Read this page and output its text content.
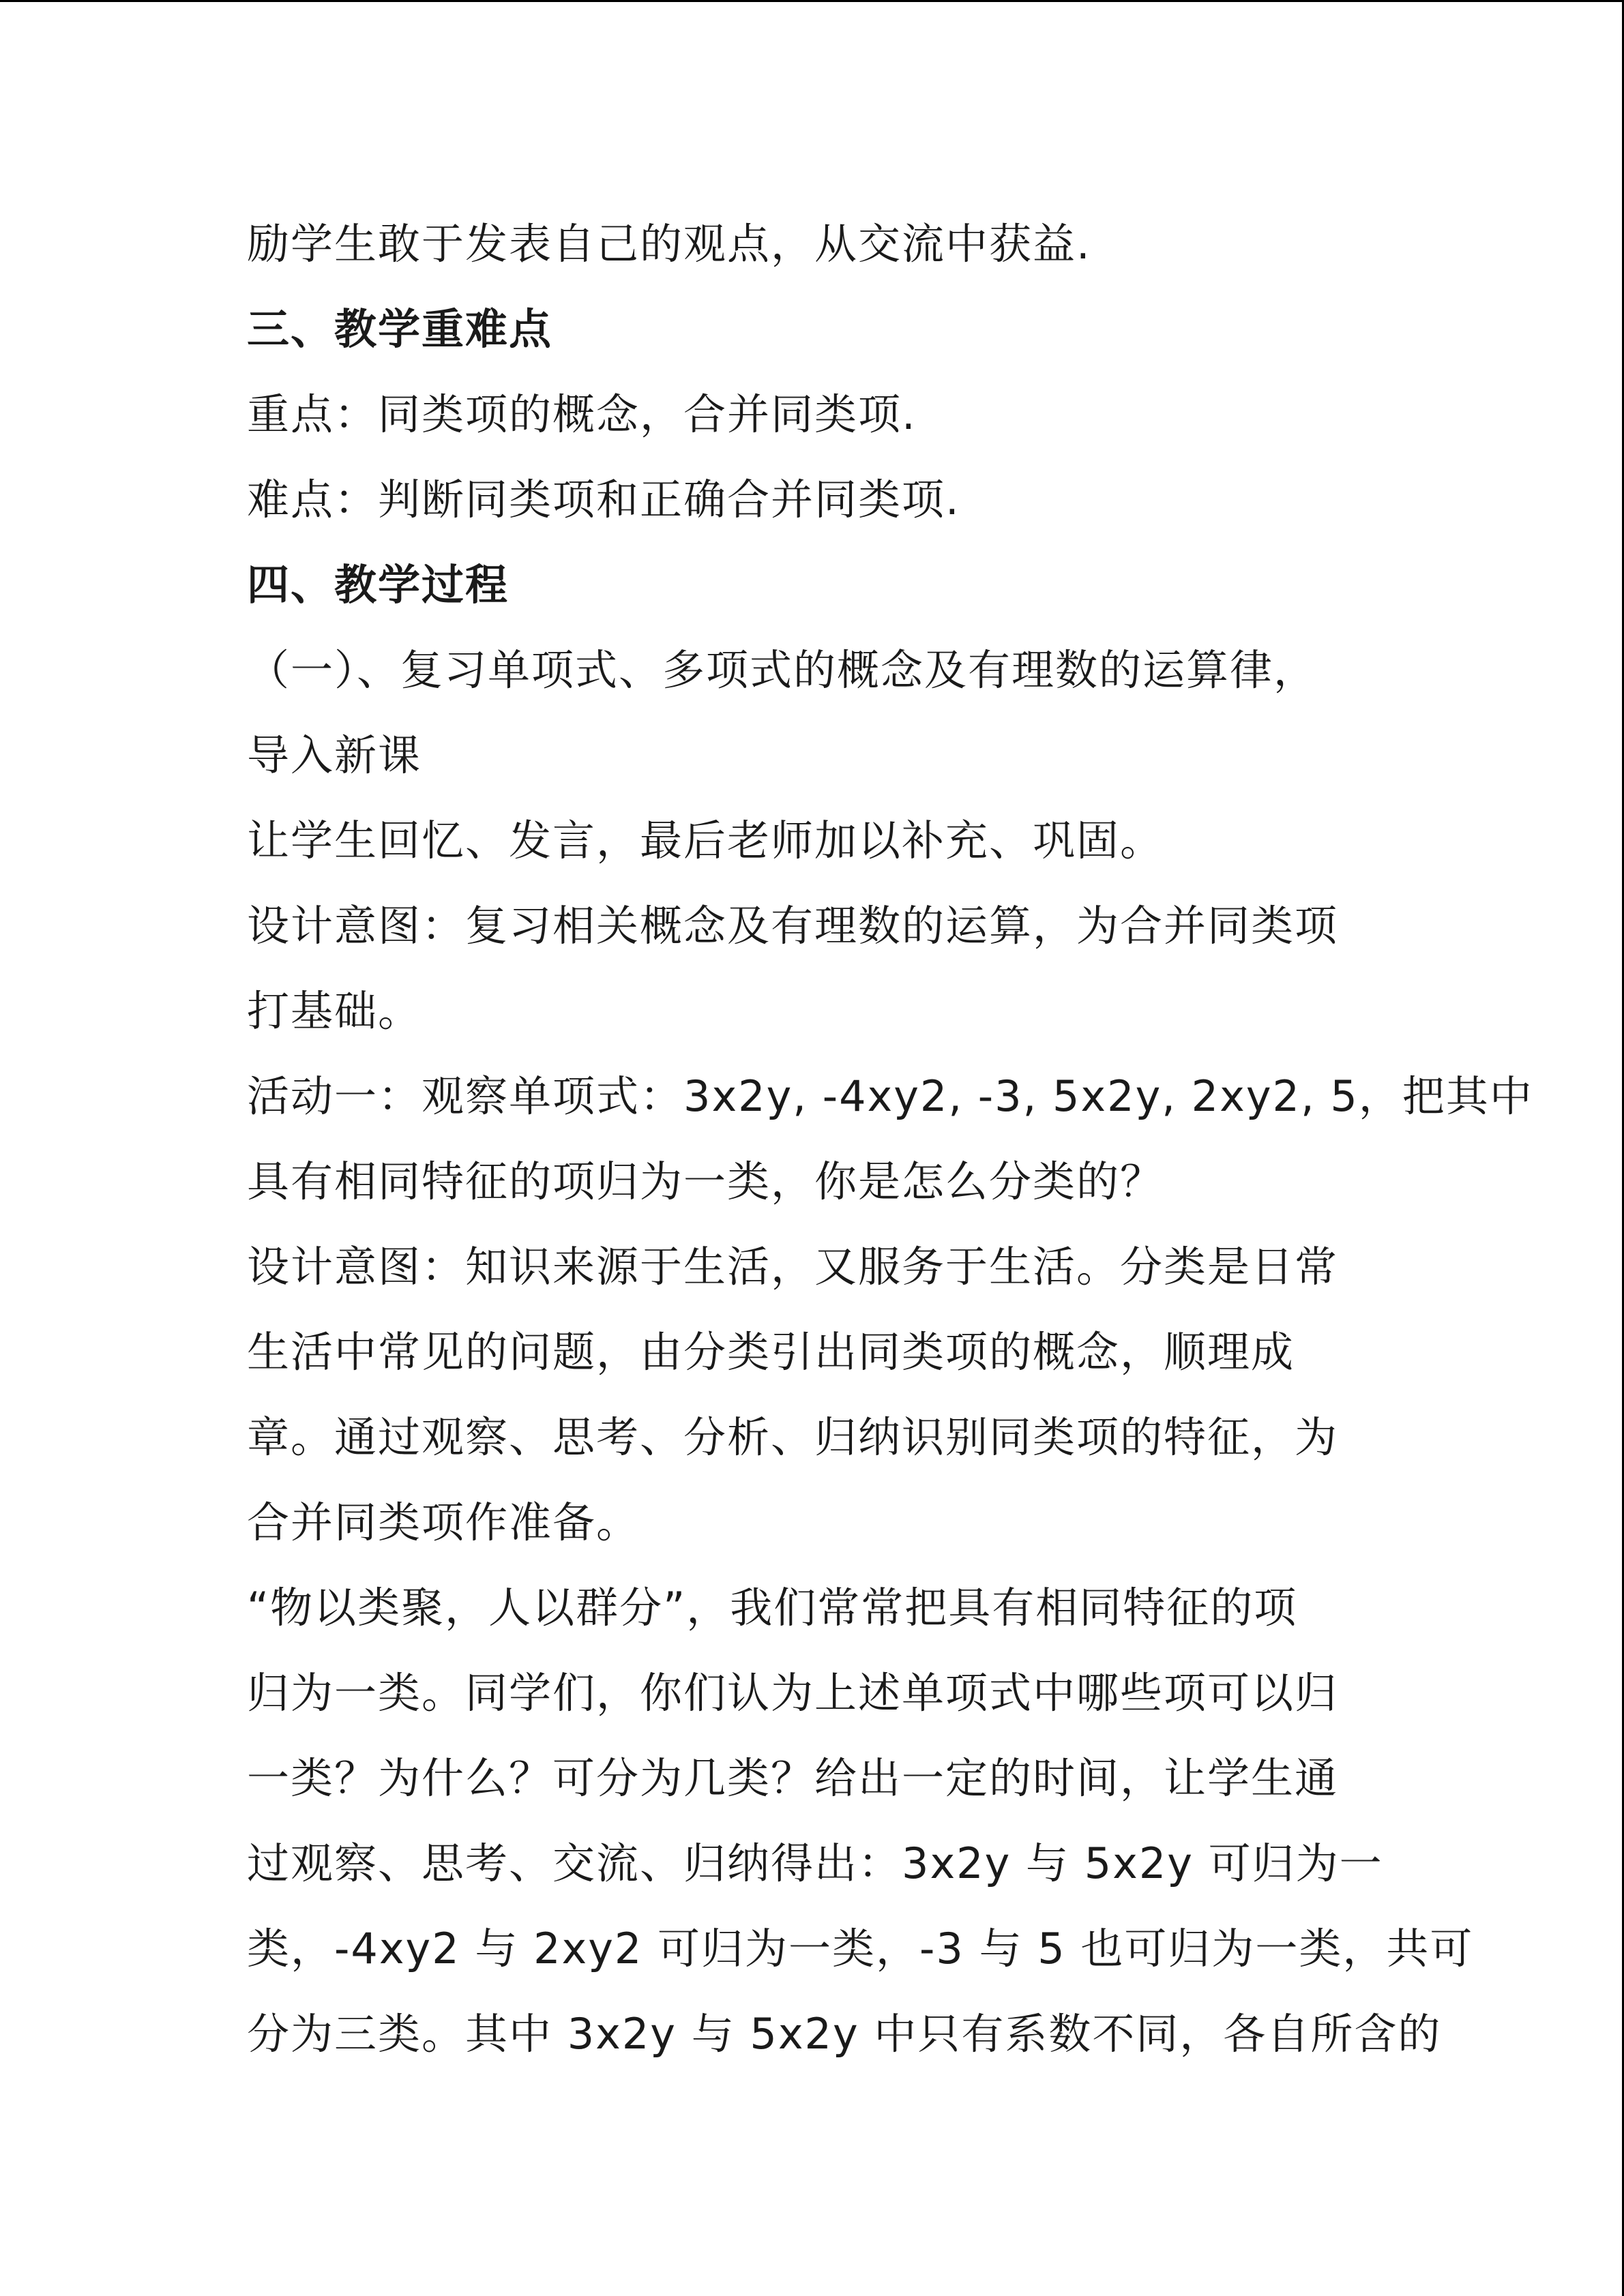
励学生敢于发表自己的观点，从交流中获益.
三、教学重难点
重点：同类项的概念，合并同类项.
难点：判断同类项和正确合并同类项.
四、教学过程
（一）、复习单项式、多项式的概念及有理数的运算律，
导入新课
让学生回忆、发言，最后老师加以补充、巩固。
设计意图：复习相关概念及有理数的运算，为合并同类项
打基础。
活动一：观察单项式：3x2y, -4xy2, -3, 5x2y, 2xy2, 5，把其中
具有相同特征的项归为一类，你是怎么分类的？
设计意图：知识来源于生活，又服务于生活。分类是日常
生活中常见的问题，由分类引出同类项的概念，顺理成
章。通过观察、思考、分析、归纳识别同类项的特征，为
合并同类项作准备。
“物以类聚，人以群分”，我们常常把具有相同特征的项
归为一类。同学们，你们认为上述单项式中哪些项可以归
一类？为什么？可分为几类？给出一定的时间，让学生通
过观察、思考、交流、归纳得出：3x2y 与 5x2y 可归为一
类，-4xy2 与 2xy2 可归为一类，-3 与 5 也可归为一类，共可
分为三类。其中 3x2y 与 5x2y 中只有系数不同，各自所含的
